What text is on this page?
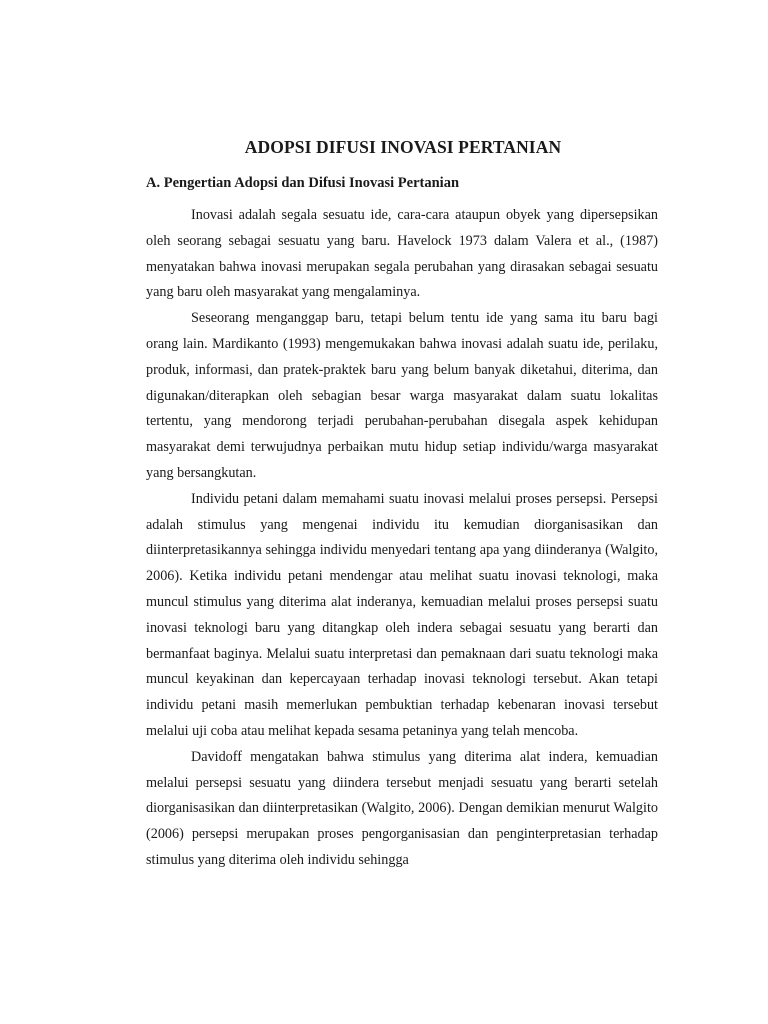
ADOPSI DIFUSI INOVASI PERTANIAN
A. Pengertian Adopsi dan Difusi Inovasi Pertanian

Inovasi adalah segala sesuatu ide, cara-cara ataupun obyek yang dipersepsikan oleh seorang sebagai sesuatu yang baru. Havelock 1973 dalam Valera et al., (1987) menyatakan bahwa inovasi merupakan segala perubahan yang dirasakan sebagai sesuatu yang baru oleh masyarakat yang mengalaminya.

Seseorang menganggap baru, tetapi belum tentu ide yang sama itu baru bagi orang lain. Mardikanto (1993) mengemukakan bahwa inovasi adalah suatu ide, perilaku, produk, informasi, dan pratek-praktek baru yang belum banyak diketahui, diterima, dan digunakan/diterapkan oleh sebagian besar warga masyarakat dalam suatu lokalitas tertentu, yang mendorong terjadi perubahan-perubahan disegala aspek kehidupan masyarakat demi terwujudnya perbaikan mutu hidup setiap individu/warga masyarakat yang bersangkutan.

Individu petani dalam memahami suatu inovasi melalui proses persepsi. Persepsi adalah stimulus yang mengenai individu itu kemudian diorganisasikan dan diinterpretasikannya sehingga individu menyedari tentang apa yang diinderanya (Walgito, 2006). Ketika individu petani mendengar atau melihat suatu inovasi teknologi, maka muncul stimulus yang diterima alat inderanya, kemuadian melalui proses persepsi suatu inovasi teknologi baru yang ditangkap oleh indera sebagai sesuatu yang berarti dan bermanfaat baginya. Melalui suatu interpretasi dan pemaknaan dari suatu teknologi maka muncul keyakinan dan kepercayaan terhadap inovasi teknologi tersebut. Akan tetapi individu petani masih memerlukan pembuktian terhadap kebenaran inovasi tersebut melalui uji coba atau melihat kepada sesama petaninya yang telah mencoba.

Davidoff mengatakan bahwa stimulus yang diterima alat indera, kemuadian melalui persepsi sesuatu yang diindera tersebut menjadi sesuatu yang berarti setelah diorganisasikan dan diinterpretasikan (Walgito, 2006). Dengan demikian menurut Walgito (2006) persepsi merupakan proses pengorganisasian dan penginterpretasian terhadap stimulus yang diterima oleh individu sehingga
